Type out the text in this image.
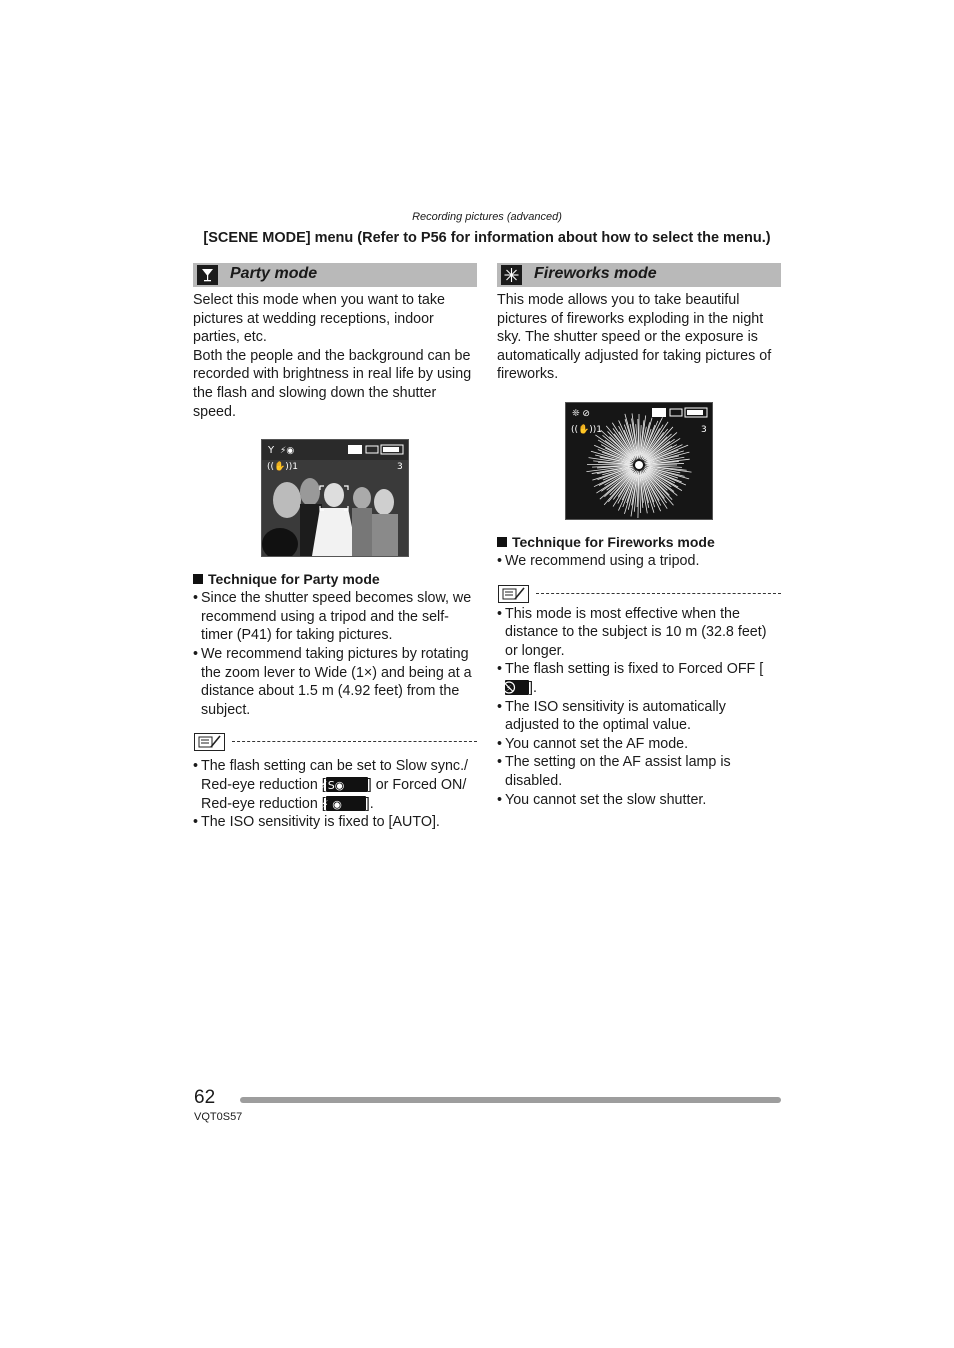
Recording pictures (advanced)
[SCENE MODE] menu (Refer to P56 for information about how to select the menu.)
Party mode

Select this mode when you want to take pictures at wedding receptions, indoor parties, etc.

Both the people and the background can be recorded with brightness in real life by using the flash and slowing down the shutter speed.

Y ⚡◉
((✋))1	3
Technique for Party mode
• Since the shutter speed becomes slow, we recommend using a tripod and the self-timer (P41) for taking pictures.
• We recommend taking pictures by rotating the zoom lever to Wide (1×) and being at a distance about 1.5 m (4.92 feet) from the subject.
• The flash setting can be set to Slow sync./ Red-eye reduction [
⚡S◉ ] or Forced ON/ Red-eye reduction [
⚡ ◉ ].
• The ISO sensitivity is fixed to [AUTO].
Fireworks mode

This mode allows you to take beautiful pictures of fireworks exploding in the night sky. The shutter speed or the exposure is automatically adjusted for taking pictures of fireworks.

❊ ⊘
((✋))1	3
Technique for Fireworks mode
• We recommend using a tripod.
• This mode is most effective when the distance to the subject is 10 m (32.8 feet) or longer.
• The flash setting is fixed to Forced OFF [
⚡ ].
• The ISO sensitivity is automatically adjusted to the optimal value.
• You cannot set the AF mode.
• The setting on the AF assist lamp is disabled.
• You cannot set the slow shutter.
62
VQT0S57
